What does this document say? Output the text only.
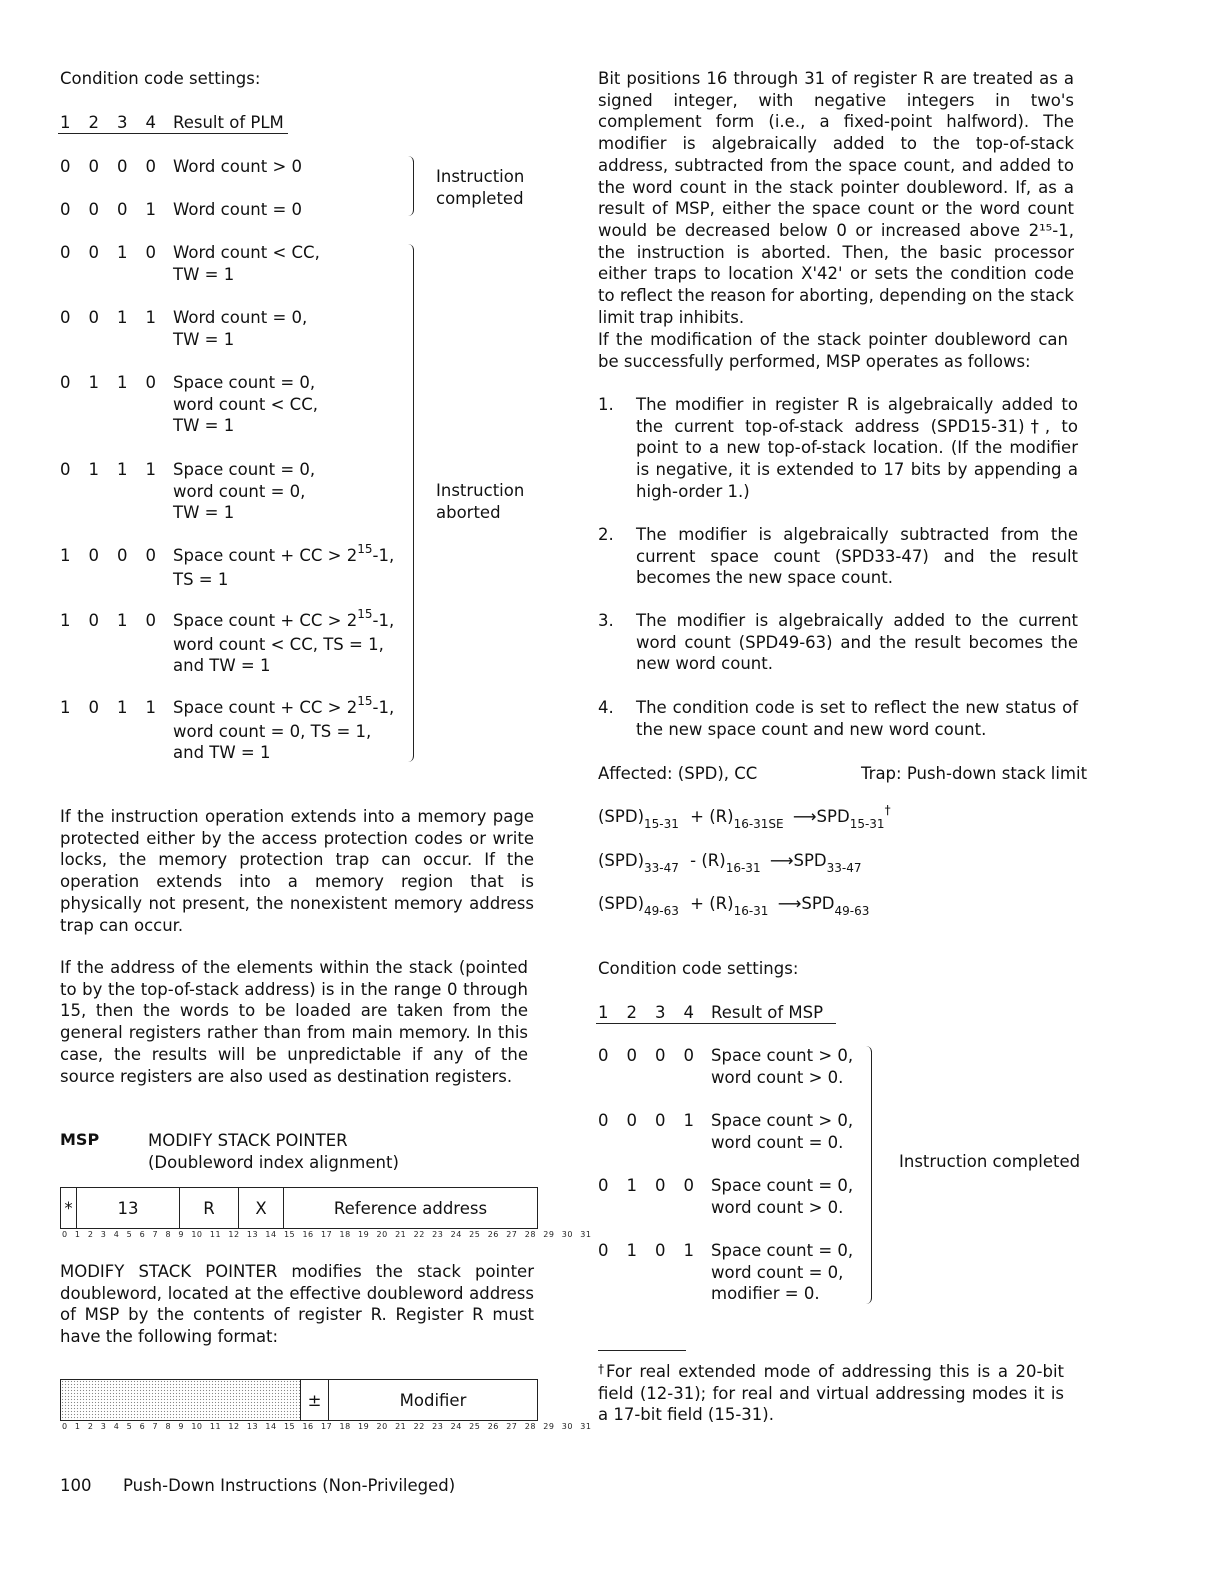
Condition code settings:
1 2 3 4	Result of PLM
0 0 0 0	Word count > 0
0 0 0 1	Word count = 0
0 0 1 0	Word count < CC,
TW = 1
0 0 1 1	Word count = 0,
TW = 1
0 1 1 0	Space count = 0,
word count < CC,
TW = 1
0 1 1 1	Space count = 0,
word count = 0,
TW = 1
1 0 0 0	Space count + CC > $2^{15}-1$,
TS = 1
1 0 1 0	Space count + CC > $2^{15}-1$,
word count < CC, TS = 1,
and TW = 1
1 0 1 1	Space count + CC > $2^{15}-1$,
word count = 0, TS = 1,
and TW = 1
Instruction
completed
Instruction
aborted

If the instruction operation extends into a memory page protected either by the access protection codes or write locks, the memory protection trap can occur. If the operation extends into a memory region that is physically not present, the nonexistent memory address trap can occur.

If the address of the elements within the stack (pointed to by the top-of-stack address) is in the range 0 through 15, then the words to be loaded are taken from the general registers rather than from main memory. In this case, the results will be unpredictable if any of the source registers are also used as destination registers.

MSP	MODIFY STACK POINTER
(Doubleword index alignment)
*	13	R	X	Reference address
0 1 2 3 4 5 6 7 8 9 10 11 12 13 14 15 16 17 18 19 20 21 22 23 24 25 26 27 28 29 30 31

MODIFY STACK POINTER modifies the stack pointer doubleword, located at the effective doubleword address of MSP by the contents of register R. Register R must have the following format:

±	Modifier
0 1 2 3 4 5 6 7 8 9 10 11 12 13 14 15 16 17 18 19 20 21 22 23 24 25 26 27 28 29 30 31
100      Push-Down Instructions (Non-Privileged)

Bit positions 16 through 31 of register R are treated as a signed integer, with negative integers in two's complement form (i.e., a fixed-point halfword). The modifier is algebraically added to the top-of-stack address, subtracted from the space count, and added to the word count in the stack pointer doubleword. If, as a result of MSP, either the space count or the word count would be decreased below 0 or increased above 2¹⁵-1, the instruction is aborted. Then, the basic processor either traps to location X'42' or sets the condition code to reflect the reason for aborting, depending on the stack limit trap inhibits.

If the modification of the stack pointer doubleword can be successfully performed, MSP operates as follows:

1. The modifier in register R is algebraically added to the current top-of-stack address (SPD15-31)†, to point to a new top-of-stack location. (If the modifier is negative, it is extended to 17 bits by appending a high-order 1.)

2. The modifier is algebraically subtracted from the current space count (SPD33-47) and the result becomes the new space count.

3. The modifier is algebraically added to the current word count (SPD49-63) and the result becomes the new word count.

4. The condition code is set to reflect the new status of the new space count and new word count.

Affected: (SPD), CC	Trap: Push-down stack limit
$(SPD)_{15-31} + (R)_{16-31SE}$ $⟶SPD_{15-31}^\dagger$
$(SPD)_{33-47} - (R)_{16-31}$ $⟶SPD_{33-47}$
$(SPD)_{49-63} + (R)_{16-31}$ $⟶SPD_{49-63}$
Condition code settings:
1 2 3 4	Result of MSP
0 0 0 0	Space count > 0,
word count > 0.
0 0 0 1	Space count > 0,
word count = 0.
0 1 0 0	Space count = 0,
word count > 0.
0 1 0 1	Space count = 0,
word count = 0,
modifier = 0.
Instruction completed
† For real extended mode of addressing this is a 20-bit field (12-31); for real and virtual addressing modes it is a 17-bit field (15-31).
